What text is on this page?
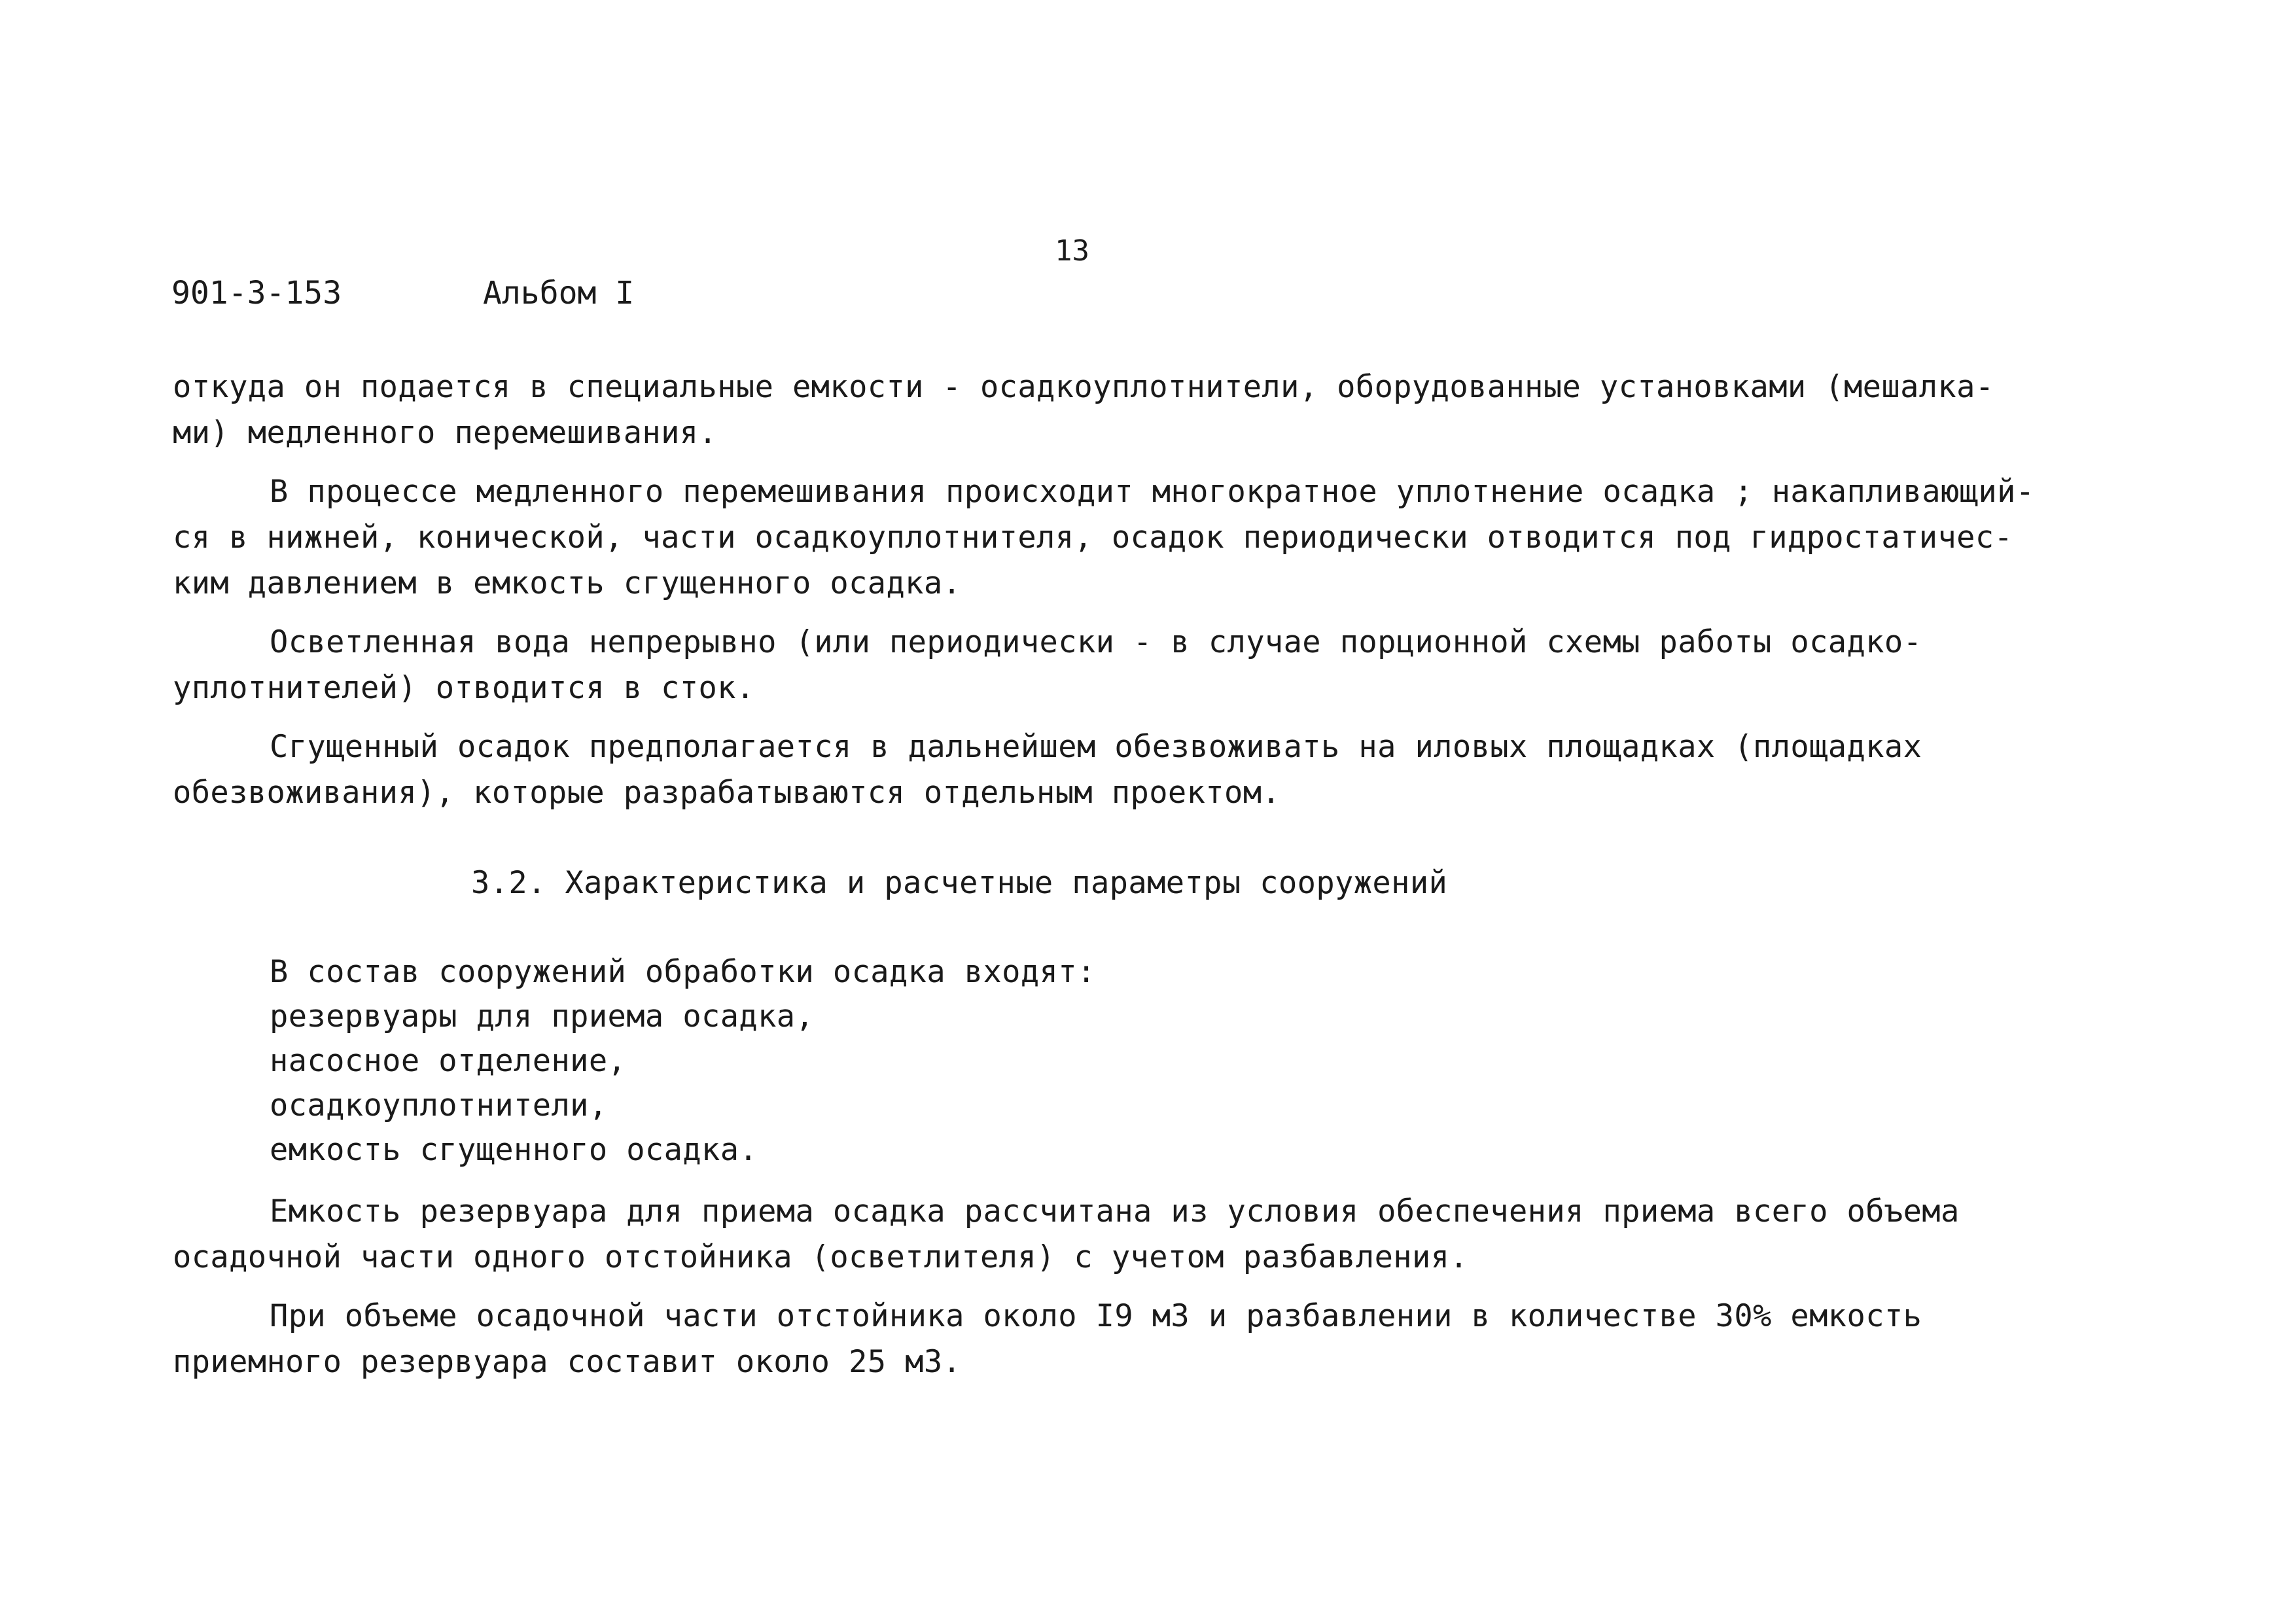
13
901-3-153	Альбом I
откуда он подается в специальные емкости - осадкоуплотнители, оборудованные установками (мешалка-
ми) медленного перемешивания.
В процессе медленного перемешивания происходит многократное уплотнение осадка ; накапливающий-
ся в нижней, конической, части осадкоуплотнителя, осадок периодически отводится под гидростатичес-
ким давлением в емкость сгущенного осадка.
Осветленная вода непрерывно (или периодически - в случае порционной схемы работы осадко-
уплотнителей) отводится в сток.
Сгущенный осадок предполагается в дальнейшем обезвоживать на иловых площадках (площадках
обезвоживания), которые разрабатываются отдельным проектом.
3.2. Характеристика и расчетные параметры сооружений
В состав сооружений обработки осадка входят:
резервуары для приема осадка,
насосное отделение,
осадкоуплотнители,
емкость сгущенного осадка.
Емкость резервуара для приема осадка рассчитана из условия обеспечения приема всего объема
осадочной части одного отстойника (осветлителя) с учетом разбавления.
При объеме осадочной части отстойника около I9 м3 и разбавлении в количестве 30% емкость
приемного резервуара составит около 25 м3.
